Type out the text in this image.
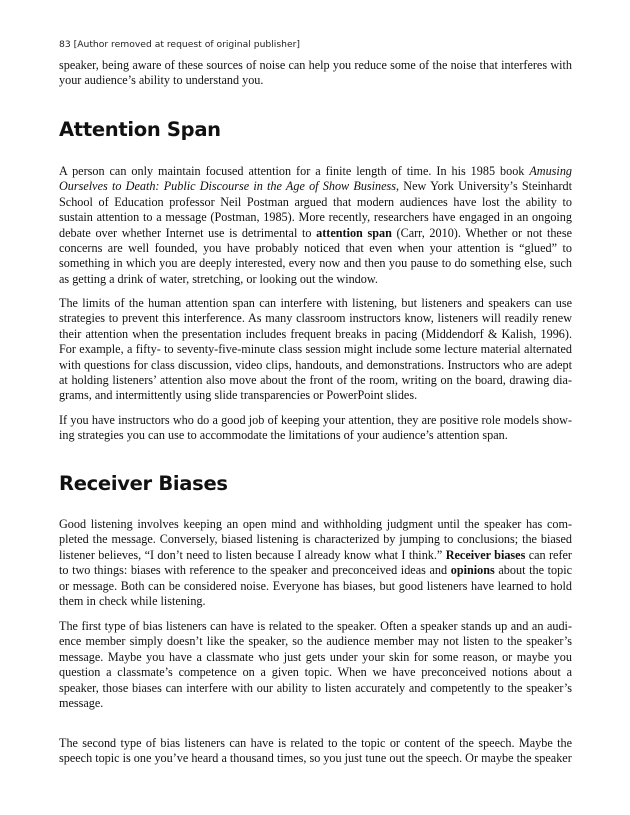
83 [Author removed at request of original publisher]

speaker, being aware of these sources of noise can help you reduce some of the noise that interferes with your audience’s ability to understand you.

Attention Span

A person can only maintain focused attention for a finite length of time. In his 1985 book Amusing Ourselves to Death: Public Discourse in the Age of Show Business, New York University’s Steinhardt School of Education professor Neil Postman argued that modern audiences have lost the ability to sustain attention to a message (Postman, 1985). More recently, researchers have engaged in an ongoing debate over whether Internet use is detrimental to attention span (Carr, 2010). Whether or not these concerns are well founded, you have probably noticed that even when your attention is “glued” to something in which you are deeply interested, every now and then you pause to do something else, such as getting a drink of water, stretching, or looking out the window.

The limits of the human attention span can interfere with listening, but listeners and speakers can use strategies to prevent this interference. As many classroom instructors know, listeners will readily renew their attention when the presentation includes frequent breaks in pacing (Middendorf & Kalish, 1996). For example, a fifty- to seventy-five-minute class session might include some lecture material alternated with questions for class discussion, video clips, handouts, and demonstrations. Instructors who are adept at holding listeners’ attention also move about the front of the room, writing on the board, drawing diagrams, and intermittently using slide transparencies or PowerPoint slides.

If you have instructors who do a good job of keeping your attention, they are positive role models showing strategies you can use to accommodate the limitations of your audience’s attention span.

Receiver Biases

Good listening involves keeping an open mind and withholding judgment until the speaker has completed the message. Conversely, biased listening is characterized by jumping to conclusions; the biased listener believes, “I don’t need to listen because I already know what I think.” Receiver biases can refer to two things: biases with reference to the speaker and preconceived ideas and opinions about the topic or message. Both can be considered noise. Everyone has biases, but good listeners have learned to hold them in check while listening.

The first type of bias listeners can have is related to the speaker. Often a speaker stands up and an audience member simply doesn’t like the speaker, so the audience member may not listen to the speaker’s message. Maybe you have a classmate who just gets under your skin for some reason, or maybe you question a classmate’s competence on a given topic. When we have preconceived notions about a speaker, those biases can interfere with our ability to listen accurately and competently to the speaker’s message.

The second type of bias listeners can have is related to the topic or content of the speech. Maybe the speech topic is one you’ve heard a thousand times, so you just tune out the speech. Or maybe the speaker
